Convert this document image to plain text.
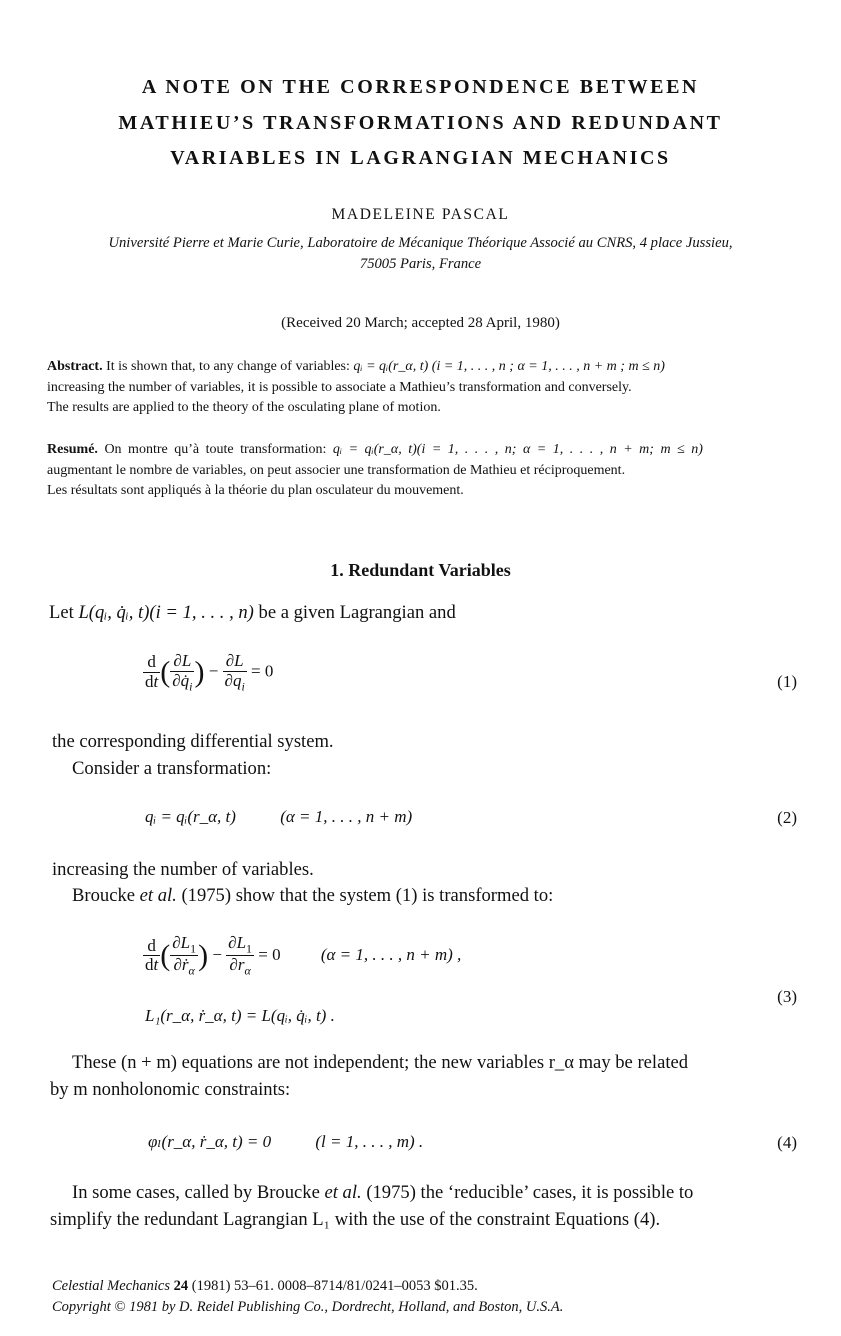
A NOTE ON THE CORRESPONDENCE BETWEEN
MATHIEU’S TRANSFORMATIONS AND REDUNDANT
VARIABLES IN LAGRANGIAN MECHANICS
MADELEINE PASCAL
Université Pierre et Marie Curie, Laboratoire de Mécanique Théorique Associé au CNRS, 4 place Jussieu,
75005 Paris, France
(Received 20 March; accepted 28 April, 1980)
Abstract. It is shown that, to any change of variables: qᵢ = qᵢ(r_α, t) (i = 1, . . . , n ; α = 1, . . . , n + m ; m ≤ n)
increasing the number of variables, it is possible to associate a Mathieu’s transformation and conversely.
The results are applied to the theory of the osculating plane of motion.
Resumé. On montre qu’à toute transformation: qᵢ = qᵢ(r_α, t)(i = 1, . . . , n; α = 1, . . . , n + m; m ≤ n)
augmentant le nombre de variables, on peut associer une transformation de Mathieu et réciproquement.
Les résultats sont appliqués à la théorie du plan osculateur du mouvement.
1. Redundant Variables
Let L(qᵢ, q̇ᵢ, t)(i = 1, . . . , n) be a given Lagrangian and
$\frac{d}{dt}$ ( $\frac{\partial L}{\partial q̇_i}$ ) − $\frac{\partial L}{\partial q_i} = 0$
(1)
the corresponding differential system.
Consider a transformation:
qᵢ = qᵢ(r_α, t)	(α = 1, . . . , n + m)	(2)
increasing the number of variables.
Broucke et al. (1975) show that the system (1) is transformed to:
$\frac{d}{dt}$ ( $\frac{\partial L_1}{\partial ṙ_\alpha}$ ) − $\frac{\partial L_1}{\partial r_\alpha} = 0$ (α = 1, . . . , n + m) ,
L₁(r_α, ṙ_α, t) = L(qᵢ, q̇ᵢ, t) .
(3)
These (n + m) equations are not independent; the new variables r_α may be related
by m nonholonomic constraints:
φₗ(r_α, ṙ_α, t) = 0	(l = 1, . . . , m) .	(4)
In some cases, called by Broucke et al. (1975) the ‘reducible’ cases, it is possible to
simplify the redundant Lagrangian L₁ with the use of the constraint Equations (4).
Celestial Mechanics 24 (1981) 53–61. 0008–8714/81/0241–0053 $01.35.
Copyright © 1981 by D. Reidel Publishing Co., Dordrecht, Holland, and Boston, U.S.A.
